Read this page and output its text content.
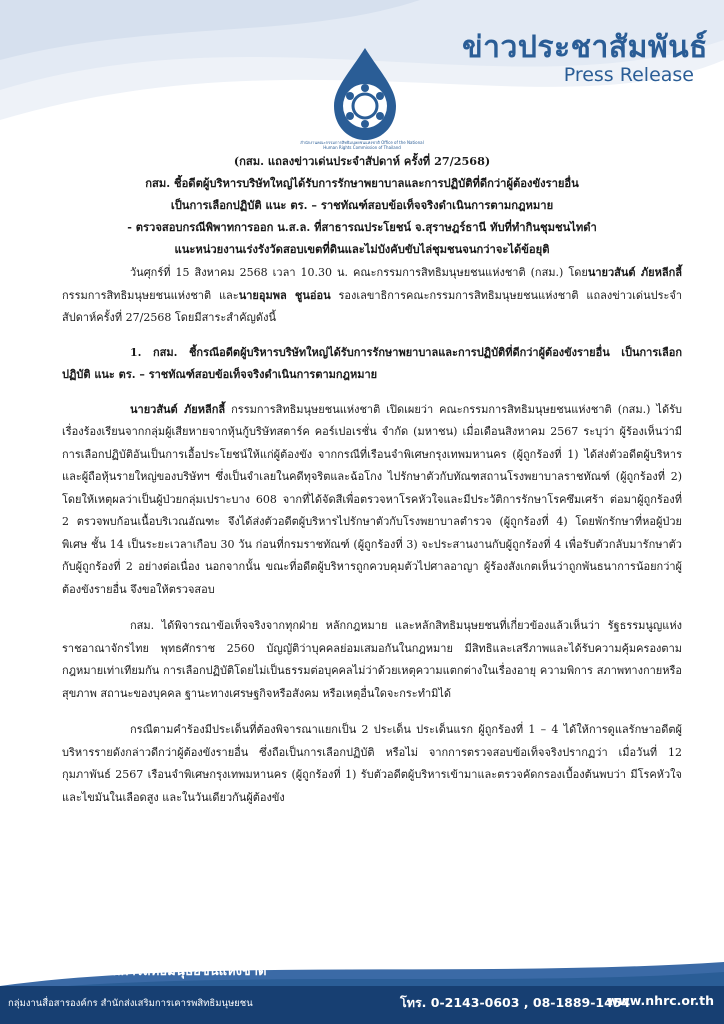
ข่าวประชาสัมพันธ์
Press Release
สำนักงานคณะกรรมการสิทธิมนุษยชนแห่งชาติ Office of the National Human Rights Commission of Thailand
(กสม. แถลงข่าวเด่นประจำสัปดาห์ ครั้งที่ 27/2568)
กสม. ชี้อดีตผู้บริหารบริษัทใหญ่ได้รับการรักษาพยาบาลและการปฏิบัติที่ดีกว่าผู้ต้องขังรายอื่น
เป็นการเลือกปฏิบัติ แนะ ตร. – ราชทัณฑ์สอบข้อเท็จจริงดำเนินการตามกฎหมาย
- ตรวจสอบกรณีพิพาทการออก น.ส.ล. ที่สาธารณประโยชน์ จ.สุราษฎร์ธานี ทับที่ทำกินชุมชนไทดำ
แนะหน่วยงานเร่งรังวัดสอบเขตที่ดินและไม่บังคับขับไล่ชุมชนจนกว่าจะได้ข้อยุติ

วันศุกร์ที่ 15 สิงหาคม 2568 เวลา 10.30 น. คณะกรรมการสิทธิมนุษยชนแห่งชาติ (กสม.) โดยนายวสันต์ ภัยหลีกลี้ กรรมการสิทธิมนุษยชนแห่งชาติ และนายอุมพล ชูนอ่อน รองเลขาธิการคณะกรรมการสิทธิมนุษยชนแห่งชาติ แถลงข่าวเด่นประจำสัปดาห์ครั้งที่ 27/2568 โดยมีสาระสำคัญดังนี้

1. กสม. ชี้กรณีอดีตผู้บริหารบริษัทใหญ่ได้รับการรักษาพยาบาลและการปฏิบัติที่ดีกว่าผู้ต้องขังรายอื่น เป็นการเลือกปฏิบัติ แนะ ตร. – ราชทัณฑ์สอบข้อเท็จจริงดำเนินการตามกฎหมาย

นายวสันต์ ภัยหลีกลี้ กรรมการสิทธิมนุษยชนแห่งชาติ เปิดเผยว่า คณะกรรมการสิทธิมนุษยชนแห่งชาติ (กสม.) ได้รับเรื่องร้องเรียนจากกลุ่มผู้เสียหายจากหุ้นกู้บริษัทสตาร์ค คอร์เปอเรชั่น จำกัด (มหาชน) เมื่อเดือนสิงหาคม 2567 ระบุว่า ผู้ร้องเห็นว่ามีการเลือกปฏิบัติอันเป็นการเอื้อประโยชน์ให้แก่ผู้ต้องขัง จากกรณีที่เรือนจำพิเศษกรุงเทพมหานคร (ผู้ถูกร้องที่ 1) ได้ส่งตัวอดีตผู้บริหารและผู้ถือหุ้นรายใหญ่ของบริษัทฯ ซึ่งเป็นจำเลยในคดีทุจริตและฉ้อโกง ไปรักษาตัวกับทัณฑสถานโรงพยาบาลราชทัณฑ์ (ผู้ถูกร้องที่ 2) โดยให้เหตุผลว่าเป็นผู้ป่วยกลุ่มเปราะบาง 608 จากที่ได้จัดสีเพื่อตรวจหาโรคหัวใจและมีประวัติการรักษาโรคซึมเศร้า ต่อมาผู้ถูกร้องที่ 2 ตรวจพบก้อนเนื้อบริเวณอัณฑะ จึงได้ส่งตัวอดีตผู้บริหารไปรักษาตัวกับโรงพยาบาลตำรวจ (ผู้ถูกร้องที่ 4) โดยพักรักษาที่หอผู้ป่วยพิเศษ ชั้น 14 เป็นระยะเวลาเกือบ 30 วัน ก่อนที่กรมราชทัณฑ์ (ผู้ถูกร้องที่ 3) จะประสานงานกับผู้ถูกร้องที่ 4 เพื่อรับตัวกลับมารักษาตัวกับผู้ถูกร้องที่ 2 อย่างต่อเนื่อง นอกจากนั้น ขณะที่อดีตผู้บริหารถูกควบคุมตัวไปศาลอาญา ผู้ร้องสังเกตเห็นว่าถูกพันธนาการน้อยกว่าผู้ต้องขังรายอื่น จึงขอให้ตรวจสอบ

กสม. ได้พิจารณาข้อเท็จจริงจากทุกฝ่าย หลักกฎหมาย และหลักสิทธิมนุษยชนที่เกี่ยวข้องแล้วเห็นว่า รัฐธรรมนูญแห่งราชอาณาจักรไทย พุทธศักราช 2560 บัญญัติว่าบุคคลย่อมเสมอกันในกฎหมาย มีสิทธิและเสรีภาพและได้รับความคุ้มครองตามกฎหมายเท่าเทียมกัน การเลือกปฏิบัติโดยไม่เป็นธรรมต่อบุคคลไม่ว่าด้วยเหตุความแตกต่างในเรื่องอายุ ความพิการ สภาพทางกายหรือสุขภาพ สถานะของบุคคล ฐานะทางเศรษฐกิจหรือสังคม หรือเหตุอื่นใดจะกระทำมิได้

กรณีตามคำร้องมีประเด็นที่ต้องพิจารณาแยกเป็น 2 ประเด็น ประเด็นแรก ผู้ถูกร้องที่ 1 – 4 ได้ให้การดูแลรักษาอดีตผู้บริหารรายดังกล่าวดีกว่าผู้ต้องขังรายอื่น ซึ่งถือเป็นการเลือกปฏิบัติ หรือไม่ จากการตรวจสอบข้อเท็จจริงปรากฏว่า เมื่อวันที่ 12 กุมภาพันธ์ 2567 เรือนจำพิเศษกรุงเทพมหานคร (ผู้ถูกร้องที่ 1) รับตัวอดีตผู้บริหารเข้ามาและตรวจคัดกรองเบื้องต้นพบว่า มีโรคหัวใจและไขมันในเลือดสูง และในวันเดียวกันผู้ต้องขัง

สำนักงานคณะกรรมการสิทธิมนุษยชนแห่งชาติ
กลุ่มงานสื่อสารองค์กร สำนักส่งเสริมการเคารพสิทธิมนุษยชน	โทร. 0-2143-0603 , 08-1889-1454
www.nhrc.or.th
